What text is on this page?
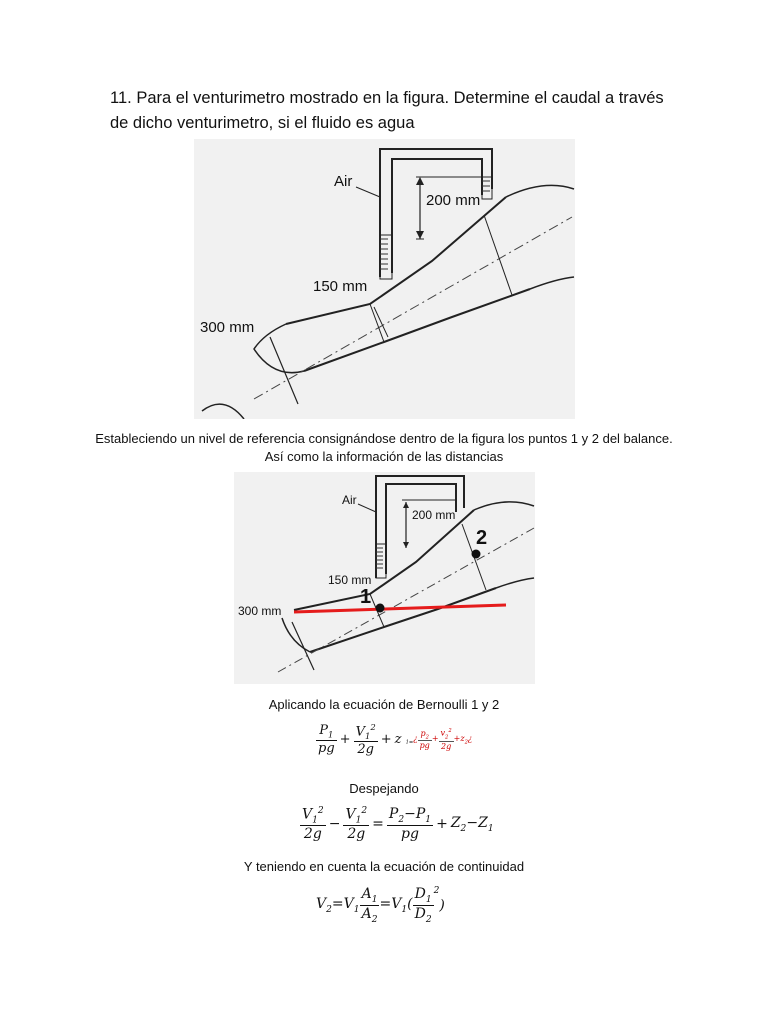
11. Para el venturimetro mostrado en la figura. Determine el caudal a través de dicho venturimetro, si el fluido es agua
Air
200 mm
150 mm
300 mm
Estableciendo un nivel de referencia consignándose dentro de la figura los puntos 1 y 2 del balance. Así como la información de las distancias
1
2
Air
200 mm
150 mm
300 mm
Aplicando la ecuación de Bernoulli 1 y 2
$\frac{P_1}{pg} + \frac{V_1^2}{2g} + z$ $_{1=}$¿ $\frac{p_2}{pg} + \frac{v_2^2}{2g}$ $+z_2¿$
Despejando
$\frac{V_1^2}{2g} - \frac{V_1^2}{2g} = \frac{P_2-P_1}{pg} + Z_2-Z_1$
Y teniendo en cuenta la ecuación de continuidad
$V_2=V_1 \frac{A_1}{A_2} =V_1( \frac{D_1}{D_2} ^2)$
